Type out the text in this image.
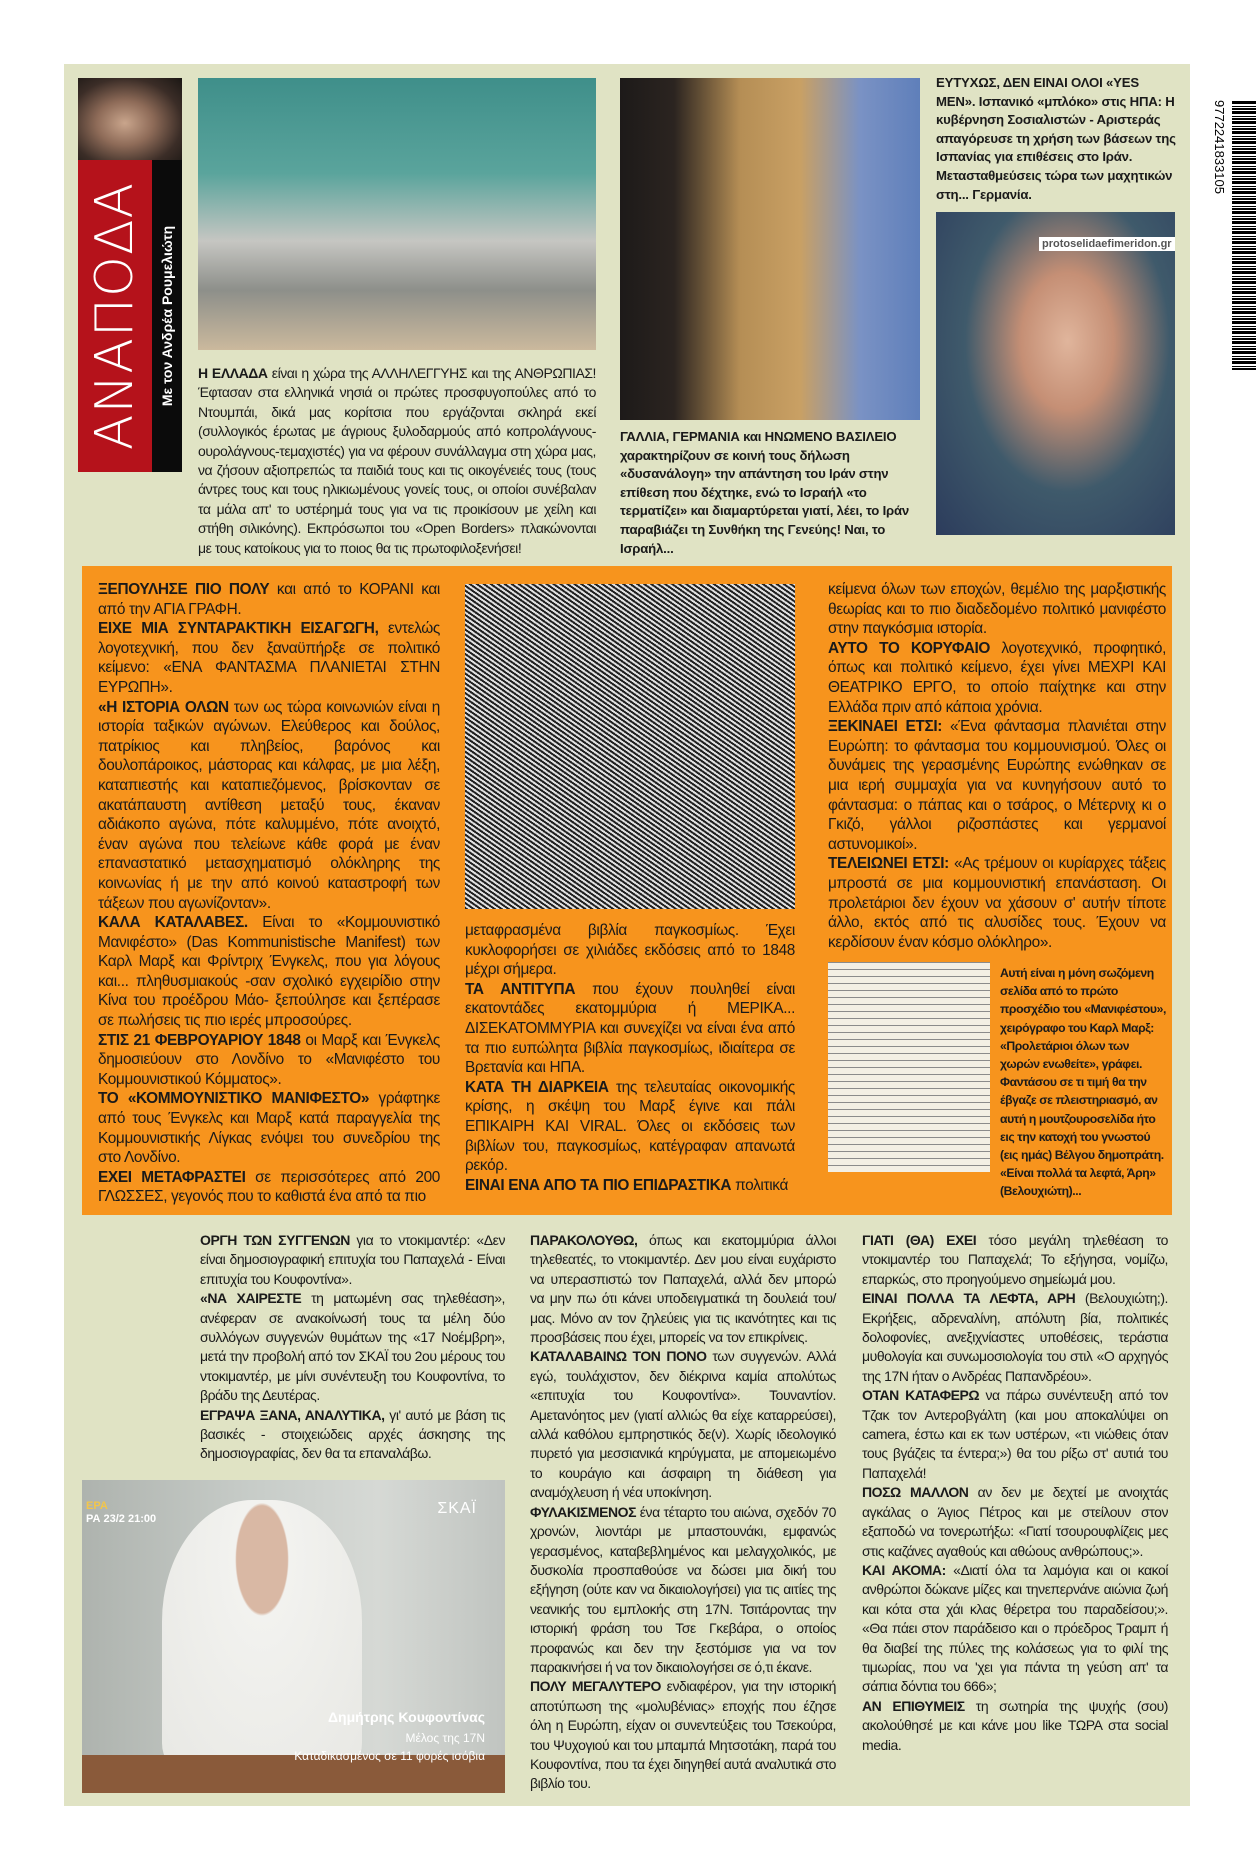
ΑΝΑΠΟΔΑ Με τον Ανδρέα Ρουμελιώτη Η ΕΛΛΑΔΑ είναι η χώρα της ΑΛΛΗΛΕΓΓΥΗΣ και της ΑΝΘΡΩΠΙΑΣ! Έφτασαν στα ελληνικά νησιά οι πρώτες προσφυγοπούλες από το Ντουμπάι, δικά μας κορίτσια που εργάζονται σκληρά εκεί (συλλογικός έρωτας με άγριους ξυλοδαρμούς από κοπρολάγνους-ουρολάγνους-τεμαχιστές) για να φέρουν συνάλλαγμα στη χώρα μας, να ζήσουν αξιοπρεπώς τα παιδιά τους και τις οικογένειές τους (τους άντρες τους και τους ηλικιωμένους γονείς τους, οι οποίοι συνέβαλαν τα μάλα απ' το υστέρημά τους για να τις προικίσουν με χείλη και στήθη σιλικόνης). Εκπρόσωποι του «Open Borders» πλακώνονται με τους κατοίκους για το ποιος θα τις πρωτοφιλοξενήσει!
ΓΑΛΛΙΑ, ΓΕΡΜΑΝΙΑ και ΗΝΩΜΕΝΟ ΒΑΣΙΛΕΙΟ χαρακτηρίζουν σε κοινή τους δήλωση «δυσανάλογη» την απάντηση του Ιράν στην επίθεση που δέχτηκε, ενώ το Ισραήλ «το τερματίζει» και διαμαρτύρεται γιατί, λέει, το Ιράν παραβιάζει τη Συνθήκη της Γενεύης! Ναι, το Ισραήλ...
ΕΥΤΥΧΩΣ, ΔΕΝ ΕΙΝΑΙ ΟΛΟΙ «YES MEN». Ισπανικό «μπλόκο» στις ΗΠΑ: Η κυβέρνηση Σοσιαλιστών - Αριστεράς απαγόρευσε τη χρήση των βάσεων της Ισπανίας για επιθέσεις στο Ιράν. Μετασταθμεύσεις τώρα των μαχητικών στη... Γερμανία.
protoselidaefimeridon.gr
9772241833105

ΞΕΠΟΥΛΗΣΕ ΠΙΟ ΠΟΛΥ και από το ΚΟΡΑΝΙ και από την ΑΓΙΑ ΓΡΑΦΗ.

ΕΙΧΕ ΜΙΑ ΣΥΝΤΑΡΑΚΤΙΚΗ ΕΙΣΑΓΩΓΗ, εντελώς λογοτεχνική, που δεν ξαναϋπήρξε σε πολιτικό κείμενο: «ΕΝΑ ΦΑΝΤΑΣΜΑ ΠΛΑΝΙΕΤΑΙ ΣΤΗΝ ΕΥΡΩΠΗ».

«Η ΙΣΤΟΡΙΑ ΟΛΩΝ των ως τώρα κοινωνιών είναι η ιστορία ταξικών αγώνων. Ελεύθερος και δούλος, πατρίκιος και πληβείος, βαρόνος και δουλοπάροικος, μάστορας και κάλφας, με μια λέξη, καταπιεστής και καταπιεζόμενος, βρίσκονταν σε ακατάπαυστη αντίθεση μεταξύ τους, έκαναν αδιάκοπο αγώνα, πότε καλυμμένο, πότε ανοιχτό, έναν αγώνα που τελείωνε κάθε φορά με έναν επαναστατικό μετασχηματισμό ολόκληρης της κοινωνίας ή με την από κοινού καταστροφή των τάξεων που αγωνίζονταν».

ΚΑΛΑ ΚΑΤΑΛΑΒΕΣ. Είναι το «Κομμουνιστικό Μανιφέστο» (Das Kommunistische Manifest) των Καρλ Μαρξ και Φρίντριχ Ένγκελς, που για λόγους και... πληθυσμιακούς -σαν σχολικό εγχειρίδιο στην Κίνα του προέδρου Μάο- ξεπούλησε και ξεπέρασε σε πωλήσεις τις πιο ιερές μπροσούρες.

ΣΤΙΣ 21 ΦΕΒΡΟΥΑΡΙΟΥ 1848 οι Μαρξ και Ένγκελς δημοσιεύουν στο Λονδίνο το «Μανιφέστο του Κομμουνιστικού Κόμματος».

ΤΟ «ΚΟΜΜΟΥΝΙΣΤΙΚΟ ΜΑΝΙΦΕΣΤΟ» γράφτηκε από τους Ένγκελς και Μαρξ κατά παραγγελία της Κομμουνιστικής Λίγκας ενόψει του συνεδρίου της στο Λονδίνο.

ΕΧΕΙ ΜΕΤΑΦΡΑΣΤΕΙ σε περισσότερες από 200 ΓΛΩΣΣΕΣ, γεγονός που το καθιστά ένα από τα πιο

μεταφρασμένα βιβλία παγκοσμίως. Έχει κυκλοφορήσει σε χιλιάδες εκδόσεις από το 1848 μέχρι σήμερα.

ΤΑ ΑΝΤΙΤΥΠΑ που έχουν πουληθεί είναι εκατοντάδες εκατομμύρια ή ΜΕΡΙΚΑ... ΔΙΣΕΚΑΤΟΜΜΥΡΙΑ και συνεχίζει να είναι ένα από τα πιο ευπώλητα βιβλία παγκοσμίως, ιδιαίτερα σε Βρετανία και ΗΠΑ.

ΚΑΤΑ ΤΗ ΔΙΑΡΚΕΙΑ της τελευταίας οικονομικής κρίσης, η σκέψη του Μαρξ έγινε και πάλι ΕΠΙΚΑΙΡΗ ΚΑΙ VIRAL. Όλες οι εκδόσεις των βιβλίων του, παγκοσμίως, κατέγραφαν απανωτά ρεκόρ.

ΕΙΝΑΙ ΕΝΑ ΑΠΟ ΤΑ ΠΙΟ ΕΠΙΔΡΑΣΤΙΚΑ πολιτικά

κείμενα όλων των εποχών, θεμέλιο της μαρξιστικής θεωρίας και το πιο διαδεδομένο πολιτικό μανιφέστο στην παγκόσμια ιστορία.

ΑΥΤΟ ΤΟ ΚΟΡΥΦΑΙΟ λογοτεχνικό, προφητικό, όπως και πολιτικό κείμενο, έχει γίνει ΜΕΧΡΙ ΚΑΙ ΘΕΑΤΡΙΚΟ ΕΡΓΟ, το οποίο παίχτηκε και στην Ελλάδα πριν από κάποια χρόνια.

ΞΕΚΙΝΑΕΙ ΕΤΣΙ: «Ένα φάντασμα πλανιέται στην Ευρώπη: το φάντασμα του κομμουνισμού. Όλες οι δυνάμεις της γερασμένης Ευρώπης ενώθηκαν σε μια ιερή συμμαχία για να κυνηγήσουν αυτό το φάντασμα: ο πάπας και ο τσάρος, ο Μέτερνιχ κι ο Γκιζό, γάλλοι ριζοσπάστες και γερμανοί αστυνομικοί».

ΤΕΛΕΙΩΝΕΙ ΕΤΣΙ: «Ας τρέμουν οι κυρίαρχες τάξεις μπροστά σε μια κομμουνιστική επανάσταση. Οι προλετάριοι δεν έχουν να χάσουν σ' αυτήν τίποτε άλλο, εκτός από τις αλυσίδες τους. Έχουν να κερδίσουν έναν κόσμο ολόκληρο».

Αυτή είναι η μόνη σωζόμενη σελίδα από το πρώτο προσχέδιο του «Μανιφέστου», χειρόγραφο του Καρλ Μαρξ: «Προλετάριοι όλων των χωρών ενωθείτε», γράφει. Φαντάσου σε τι τιμή θα την έβγαζε σε πλειστηριασμό, αν αυτή η μουτζουροσελίδα ήτο εις την κατοχή του γνωστού (εις ημάς) Βέλγου δημοπράτη. «Είναι πολλά τα λεφτά, Άρη» (Βελουχιώτη)...

ΟΡΓΗ ΤΩΝ ΣΥΓΓΕΝΩΝ για το ντοκιμαντέρ: «Δεν είναι δημοσιογραφική επιτυχία του Παπαχελά - Είναι επιτυχία του Κουφοντίνα».

«ΝΑ ΧΑΙΡΕΣΤΕ τη ματωμένη σας τηλεθέαση», ανέφεραν σε ανακοίνωσή τους τα μέλη δύο συλλόγων συγγενών θυμάτων της «17 Νοέμβρη», μετά την προβολή από τον ΣΚΑΪ του 2ου μέρους του ντοκιμαντέρ, με μίνι συνέντευξη του Κουφοντίνα, το βράδυ της Δευτέρας.

ΕΓΡΑΨΑ ΞΑΝΑ, ΑΝΑΛΥΤΙΚΑ, γι' αυτό με βάση τις βασικές - στοιχειώδεις αρχές άσκησης της δημοσιογραφίας, δεν θα τα επαναλάβω.

ΠΑΡΑΚΟΛΟΥΘΩ, όπως και εκατομμύρια άλλοι τηλεθεατές, το ντοκιμαντέρ. Δεν μου είναι ευχάριστο να υπερασπιστώ τον Παπαχελά, αλλά δεν μπορώ να μην πω ότι κάνει υποδειγματικά τη δουλειά του/μας. Μόνο αν τον ζηλεύεις για τις ικανότητες και τις προσβάσεις που έχει, μπορείς να τον επικρίνεις.

ΚΑΤΑΛΑΒΑΙΝΩ ΤΟΝ ΠΟΝΟ των συγγενών. Αλλά εγώ, τουλάχιστον, δεν διέκρινα καμία απολύτως «επιτυχία του Κουφοντίνα». Τουναντίον. Αμετανόητος μεν (γιατί αλλιώς θα είχε καταρρεύσει), αλλά καθόλου εμπρηστικός δε(ν). Χωρίς ιδεολογικό πυρετό για μεσσιανικά κηρύγματα, με απομειωμένο το κουράγιο και άσφαιρη τη διάθεση για αναμόχλευση ή νέα υποκίνηση.

ΦΥΛΑΚΙΣΜΕΝΟΣ ένα τέταρτο του αιώνα, σχεδόν 70 χρονών, λιοντάρι με μπαστουνάκι, εμφανώς γερασμένος, καταβεβλημένος και μελαγχολικός, με δυσκολία προσπαθούσε να δώσει μια δική του εξήγηση (ούτε καν να δικαιολογήσει) για τις αιτίες της νεανικής του εμπλοκής στη 17Ν. Τσιτάροντας την ιστορική φράση του Τσε Γκεβάρα, ο οποίος προφανώς και δεν την ξεστόμισε για να τον παρακινήσει ή να τον δικαιολογήσει σε ό,τι έκανε.

ΠΟΛΥ ΜΕΓΑΛΥΤΕΡΟ ενδιαφέρον, για την ιστορική αποτύπωση της «μολυβένιας» εποχής που έζησε όλη η Ευρώπη, είχαν οι συνεντεύξεις του Τσεκούρα, του Ψυχογιού και του μπαμπά Μητσοτάκη, παρά του Κουφοντίνα, που τα έχει διηγηθεί αυτά αναλυτικά στο βιβλίο του.

ΓΙΑΤΙ (ΘΑ) ΕΧΕΙ τόσο μεγάλη τηλεθέαση το ντοκιμαντέρ του Παπαχελά; Το εξήγησα, νομίζω, επαρκώς, στο προηγούμενο σημείωμά μου.

ΕΙΝΑΙ ΠΟΛΛΑ ΤΑ ΛΕΦΤΑ, ΑΡΗ (Βελουχιώτη;). Εκρήξεις, αδρεναλίνη, απόλυτη βία, πολιτικές δολοφονίες, ανεξιχνίαστες υποθέσεις, τεράστια μυθολογία και συνωμοσιολογία του στιλ «Ο αρχηγός της 17Ν ήταν ο Ανδρέας Παπανδρέου».

ΟΤΑΝ ΚΑΤΑΦΕΡΩ να πάρω συνέντευξη από τον Τζακ τον Αντεροβγάλτη (και μου αποκαλύψει on camera, έστω και εκ των υστέρων, «τι νιώθεις όταν τους βγάζεις τα έντερα;») θα του ρίξω στ' αυτιά του Παπαχελά!

ΠΟΣΩ ΜΑΛΛΟΝ αν δεν με δεχτεί με ανοιχτάς αγκάλας ο Άγιος Πέτρος και με στείλουν στον εξαποδώ να τονερωτήξω: «Γιατί τσουρουφλίζεις μες στις καζάνες αγαθούς και αθώους ανθρώπους;».

ΚΑΙ ΑΚΟΜΑ: «Διατί όλα τα λαμόγια και οι κακοί ανθρώποι δώκανε μίζες και τηνεπερνάνε αιώνια ζωή και κότα στα χάι κλας θέρετρα του παραδείσου;». «Θα πάει στον παράδεισο και ο πρόεδρος Τραμπ ή θα διαβεί της πύλες της κολάσεως για το φιλί της τιμωρίας, που να 'χει για πάντα τη γεύση απ' τα σάπια δόντια του 666»;

ΑΝ ΕΠΙΘΥΜΕΙΣ τη σωτηρία της ψυχής (σου) ακολούθησέ με και κάνε μου like ΤΩΡΑ στα social media.

ΕΡΑ
ΡΑ 23/2 21:00
ΣΚΑΪ
Δημήτρης Κουφοντίνας
Μέλος της 17Ν
Καταδικασμένος σε 11 φορές ισόβια
